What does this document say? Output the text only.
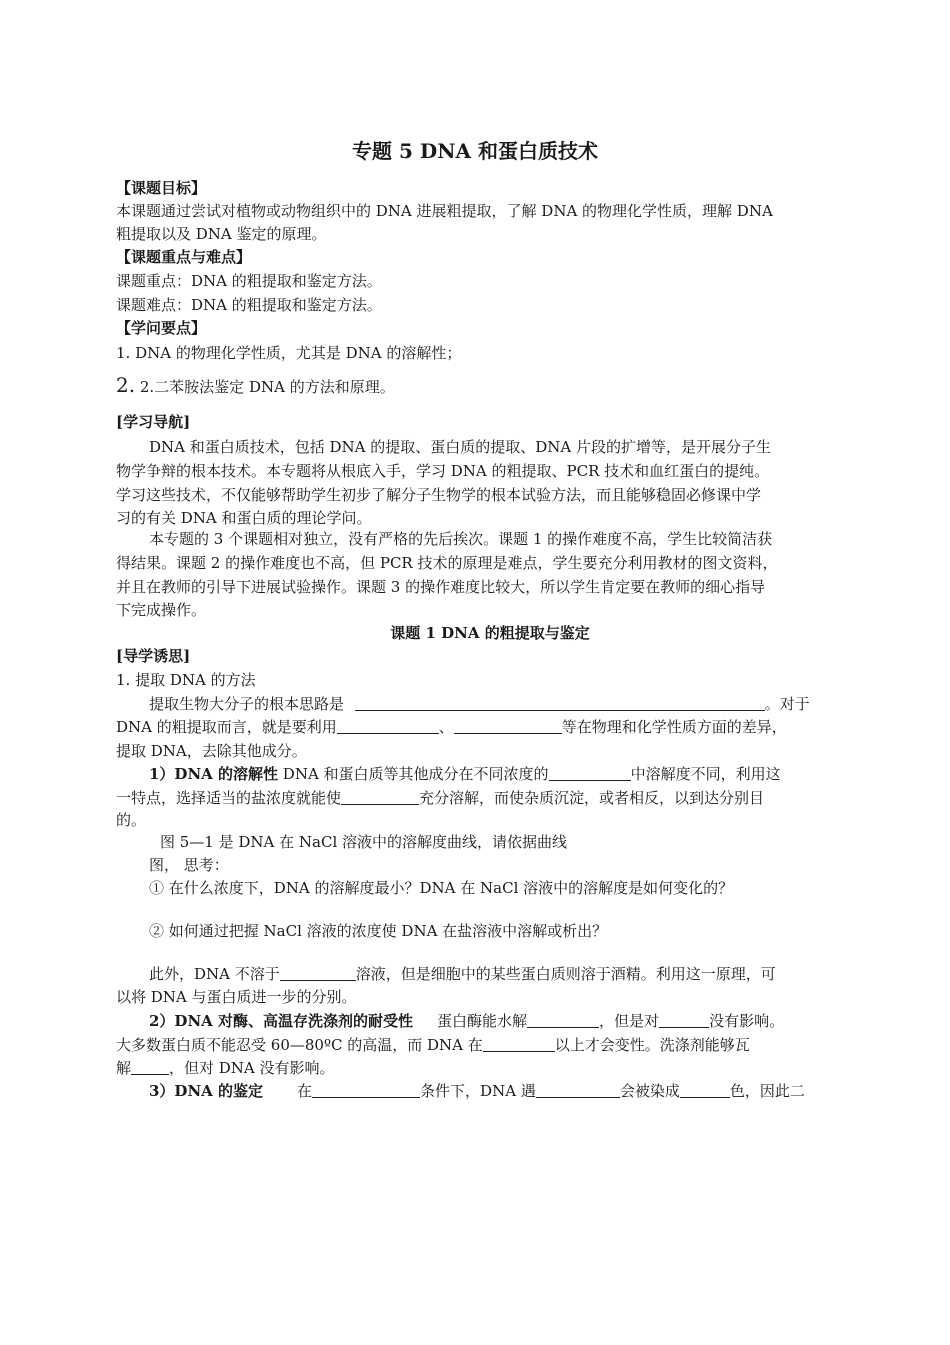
专题 5 DNA 和蛋白质技术
【课题目标】
本课题通过尝试对植物或动物组织中的 DNA 进展粗提取，了解 DNA 的物理化学性质，理解 DNA
粗提取以及 DNA 鉴定的原理。
【课题重点与难点】
课题重点：DNA 的粗提取和鉴定方法。
课题难点：DNA 的粗提取和鉴定方法。
【学问要点】
1. DNA 的物理化学性质，尤其是 DNA 的溶解性；
2. 2.二苯胺法鉴定 DNA 的方法和原理。
[学习导航]
DNA 和蛋白质技术，包括 DNA 的提取、蛋白质的提取、DNA 片段的扩增等，是开展分子生
物学争辩的根本技术。本专题将从根底入手，学习 DNA 的粗提取、PCR 技术和血红蛋白的提纯。
学习这些技术，不仅能够帮助学生初步了解分子生物学的根本试验方法，而且能够稳固必修课中学
习的有关 DNA 和蛋白质的理论学问。
本专题的 3 个课题相对独立，没有严格的先后挨次。课题 1 的操作难度不高，学生比较简洁获
得结果。课题 2 的操作难度也不高，但 PCR 技术的原理是难点，学生要充分利用教材的图文资料，
并且在教师的引导下进展试验操作。课题 3 的操作难度比较大，所以学生肯定要在教师的细心指导
下完成操作。
课题 1 DNA 的粗提取与鉴定
[导学诱思]
1. 提取 DNA 的方法
提取生物大分子的根本思路是	。对于
DNA 的粗提取而言，就是要利用	、	等在物理和化学性质方面的差异，
提取 DNA，去除其他成分。
1）DNA 的溶解性 DNA 和蛋白质等其他成分在不同浓度的	中溶解度不同，利用这
一特点，选择适当的盐浓度就能使	充分溶解，而使杂质沉淀，或者相反，以到达分别目
的。
图 5—1 是 DNA 在 NaCl 溶液中的溶解度曲线，请依据曲线
图， 思考：
① 在什么浓度下，DNA 的溶解度最小？DNA 在 NaCl 溶液中的溶解度是如何变化的？
② 如何通过把握 NaCl 溶液的浓度使 DNA 在盐溶液中溶解或析出？
此外，DNA 不溶于	溶液，但是细胞中的某些蛋白质则溶于酒精。利用这一原理，可
以将 DNA 与蛋白质进一步的分别。
2）DNA 对酶、高温存洗涤剂的耐受性 蛋白酶能水解	，但是对	没有影响。
大多数蛋白质不能忍受 60—80ºC 的高温，而 DNA 在	以上才会变性。洗涤剂能够瓦
解	，但对 DNA 没有影响。
3）DNA 的鉴定 在	条件下，DNA 遇	会被染成	色，因此二
